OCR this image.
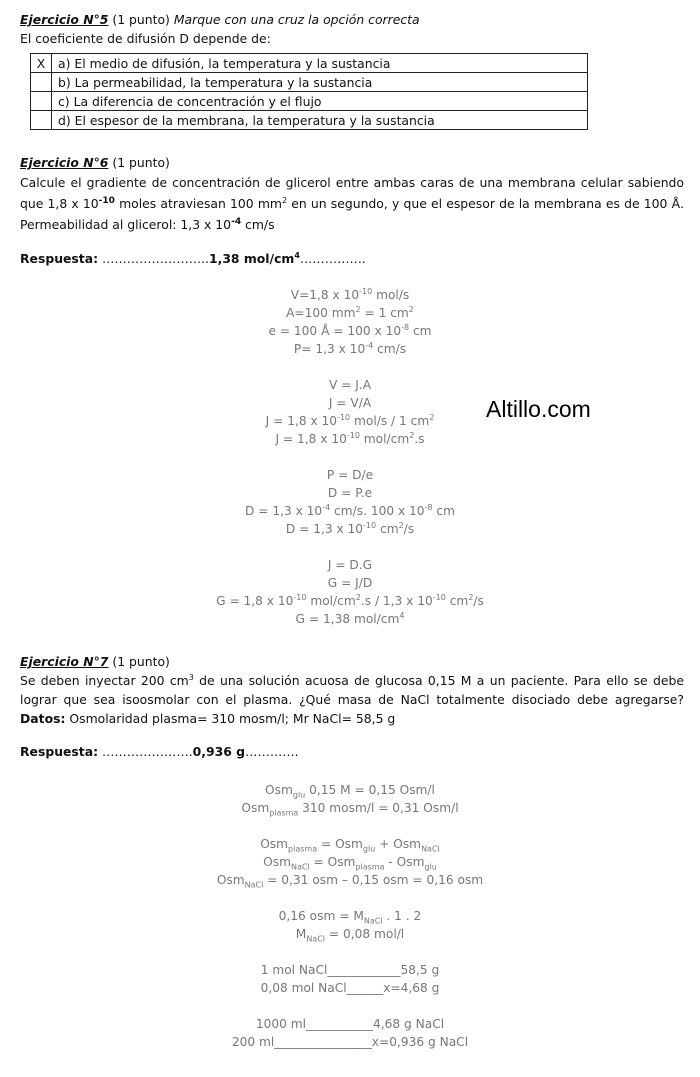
Ejercicio N°5 (1 punto) Marque con una cruz la opción correcta
El coeficiente de difusión D depende de:
X	a) El medio de difusión, la temperatura y la sustancia
	b) La permeabilidad, la temperatura y la sustancia
	c) La diferencia de concentración y el flujo
	d) El espesor de la membrana, la temperatura y la sustancia
Ejercicio N°6 (1 punto)
Calcule el gradiente de concentración de glicerol entre ambas caras de una membrana celular sabiendo que 1,8 x $10^{-10}$ moles atraviesan 100 $mm^2$ en un segundo, y que el espesor de la membrana es de 100 Å. Permeabilidad al glicerol: 1,3 x $10^{-4}$ cm/s
Respuesta: ……………………..1,38 mol/$cm^4\dots\dots\dots\dots\dots$.
V=1,8 x $10^{-10}$ mol/s
A=100 $mm^2 = 1$ $cm^2$
e = 100 Å = 100 x $10^{-8}$ cm
P= 1,3 x $10^{-4}$ cm/s
V = J.A
J = V/A
J = 1,8 x $10^{-10}$ mol/s / 1 $cm^2$
J = 1,8 x $10^{-10}$ mol/$cm^2.s$
P = D/e
D = P.e
D = 1,3 x $10^{-4}$ cm/s. 100 x $10^{-8}$ cm
D = 1,3 x $10^{-10}$ $cm^2/s$
J = D.G
G = J/D
G = 1,8 x $10^{-10}$ mol/$cm^2.s / 1,3$ x $10^{-10}$ $cm^2/s$
G = 1,38 mol/$cm^4$
Ejercicio N°7 (1 punto)
Se deben inyectar 200 $cm^3$ de una solución acuosa de glucosa 0,15 M a un paciente. Para ello se debe lograr que sea isoosmolar con el plasma. ¿Qué masa de NaCl totalmente disociado debe agregarse? Datos: Osmolaridad plasma= 310 mosm/l; Mr NaCl= 58,5 g
Respuesta: ………………….0,936 g………….
Osm$_{glu}$ 0,15 M = 0,15 Osm/l
Osm$_{plasma}$ 310 mosm/l = 0,31 Osm/l
Osm$_{plasma}$ = Osm$_{glu}$ + Osm$_{NaCl}$
Osm$_{NaCl}$ = Osm$_{plasma}$ - Osm$_{glu}$
Osm$_{NaCl}$ = 0,31 osm – 0,15 osm = 0,16 osm
0,16 osm = $M_{NaCl}$ . 1 . 2
$M_{NaCl} = 0,08$ mol/l
1 mol NaCl____________58,5 g
0,08 mol NaCl______x=4,68 g
1000 ml___________4,68 g NaCl
200 ml________________x=0,936 g NaCl
Altillo.com
